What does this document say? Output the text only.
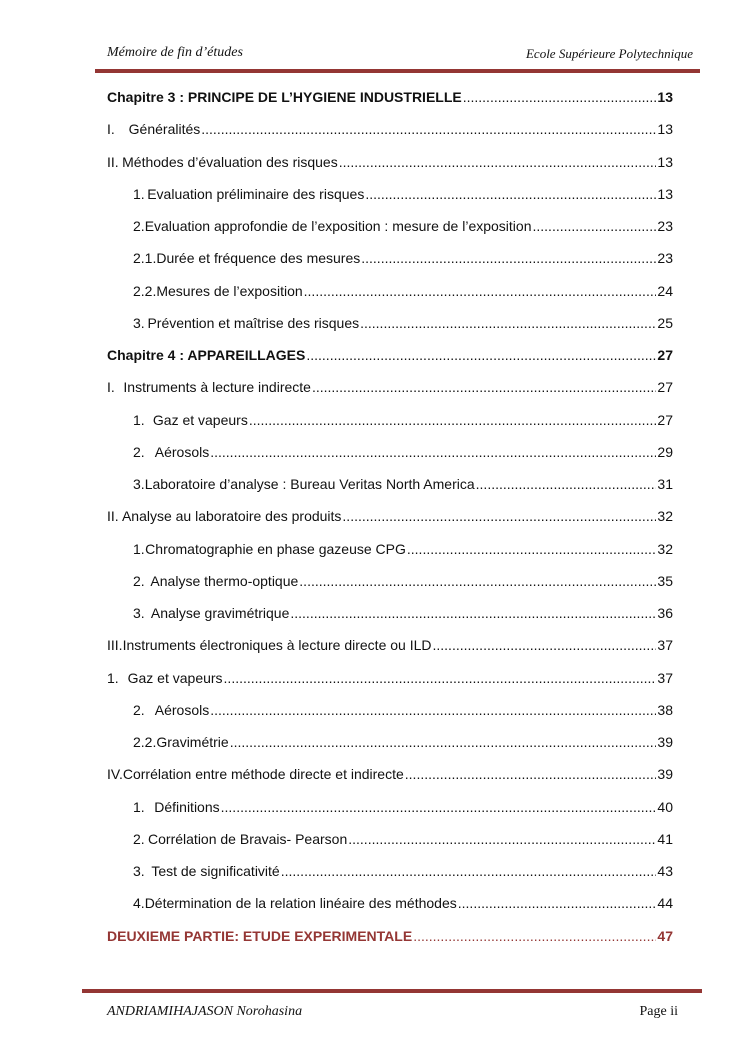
Mémoire de fin d’études	Ecole Supérieure Polytechnique
Chapitre 3 : PRINCIPE DE L’HYGIENE INDUSTRIELLE .....	13
I. Généralités .....	13
II. Méthodes d’évaluation des risques .....	13
1. Evaluation préliminaire des risques .....	13
2. Evaluation approfondie de l’exposition : mesure de l’exposition .....	23
2.1. Durée et fréquence des mesures .....	23
2.2. Mesures de l’exposition .....	24
3. Prévention et maîtrise des risques .....	25
Chapitre 4 : APPAREILLAGES .....	27
I. Instruments à lecture indirecte .....	27
1. Gaz et vapeurs .....	27
2. Aérosols .....	29
3. Laboratoire d’analyse : Bureau Veritas North America .....	31
II. Analyse au laboratoire des produits .....	32
1. Chromatographie en phase gazeuse CPG .....	32
2. Analyse thermo-optique .....	35
3. Analyse gravimétrique .....	36
III. Instruments électroniques à lecture directe ou ILD .....	37
1. Gaz et vapeurs .....	37
2. Aérosols .....	38
2.2. Gravimétrie .....	39
IV. Corrélation entre méthode directe et indirecte .....	39
1. Définitions .....	40
2. Corrélation de Bravais- Pearson .....	41
3. Test de significativité .....	43
4. Détermination de la relation linéaire des méthodes .....	44
DEUXIEME PARTIE: ETUDE EXPERIMENTALE .....	47
ANDRIAMIHAJASON Norohasina	Page ii
